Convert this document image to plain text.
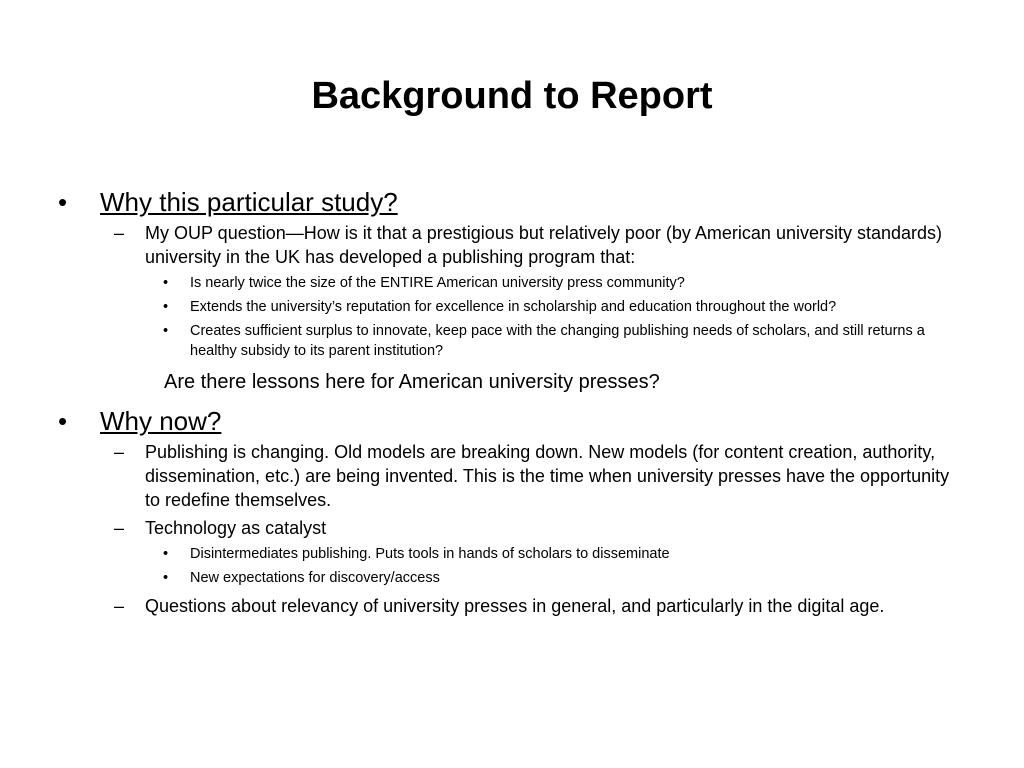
Background to Report
• Why this particular study?
– My OUP question—How is it that a prestigious but relatively poor (by American university standards) university in the UK has developed a publishing program that:
• Is nearly twice the size of the ENTIRE American university press community?
• Extends the university’s reputation for excellence in scholarship and education throughout the world?
• Creates sufficient surplus to innovate, keep pace with the changing publishing needs of scholars, and still returns a healthy subsidy to its parent institution?
Are there lessons here for American university presses?
• Why now?
– Publishing is changing. Old models are breaking down. New models (for content creation, authority, dissemination, etc.) are being invented. This is the time when university presses have the opportunity to redefine themselves.
– Technology as catalyst
• Disintermediates publishing. Puts tools in hands of scholars to disseminate
• New expectations for discovery/access
– Questions about relevancy of university presses in general, and particularly in the digital age.
